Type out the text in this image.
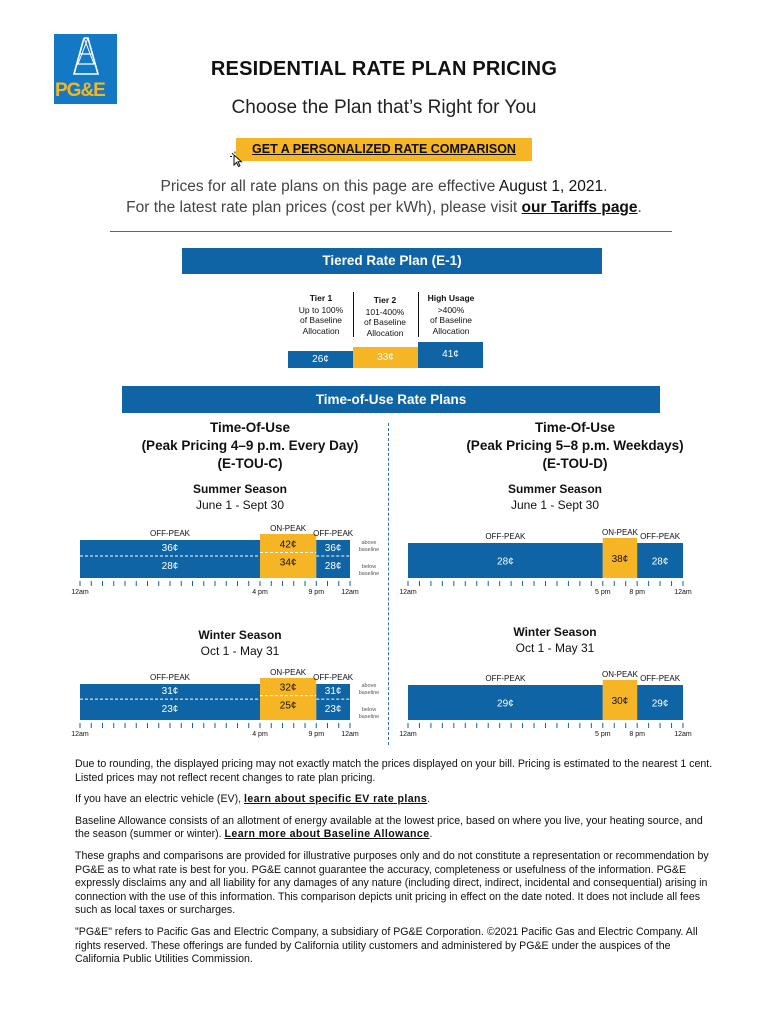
PG&E
RESIDENTIAL RATE PLAN PRICING
Choose the Plan that’s Right for You
GET A PERSONALIZED RATE COMPARISON
Prices for all rate plans on this page are effective August 1, 2021.
For the latest rate plan prices (cost per kWh), please visit our Tariffs page.
Tiered Rate Plan (E-1)
Tier 1
Up to 100%
of Baseline
Allocation
Tier 2
101-400%
of Baseline
Allocation
High Usage
>400%
of Baseline
Allocation
26¢	33¢	41¢
Time-of-Use Rate Plans
Time-Of-Use
(Peak Pricing 4–9 p.m. Every Day)
(E-TOU-C)
Time-Of-Use
(Peak Pricing 5–8 p.m. Weekdays)
(E-TOU-D)
Summer Season
June 1 - Sept 30
Summer Season
June 1 - Sept 30
Winter Season
Oct 1 - May 31
Winter Season
Oct 1 - May 31
OFF-PEAK
36¢
28¢
ON-PEAK
42¢
34¢
OFF-PEAK
36¢
28¢
12am	4 pm	9 pm 12am
above
baseline
below
baseline
OFF-PEAK
28¢
ON-PEAK
38¢
OFF-PEAK
28¢
12am	5 pm	8 pm	12am
OFF-PEAK
31¢
23¢
ON-PEAK
32¢
25¢
OFF-PEAK
31¢
23¢
12am	4 pm	9 pm 12am
above
baseline
below
baseline
OFF-PEAK
29¢
ON-PEAK
30¢
OFF-PEAK
29¢
12am	5 pm	8 pm	12am

Due to rounding, the displayed pricing may not exactly match the prices displayed on your bill. Pricing is estimated to the nearest 1 cent. Listed prices may not reflect recent changes to rate plan pricing.

If you have an electric vehicle (EV), learn about specific EV rate plans.

Baseline Allowance consists of an allotment of energy available at the lowest price, based on where you live, your heating source, and the season (summer or winter). Learn more about Baseline Allowance.

These graphs and comparisons are provided for illustrative purposes only and do not constitute a representation or recommendation by PG&E as to what rate is best for you. PG&E cannot guarantee the accuracy, completeness or usefulness of the information. PG&E expressly disclaims any and all liability for any damages of any nature (including direct, indirect, incidental and consequential) arising in connection with the use of this information. This comparison depicts unit pricing in effect on the date noted. It does not include all fees such as local taxes or surcharges.

"PG&E" refers to Pacific Gas and Electric Company, a subsidiary of PG&E Corporation. ©2021 Pacific Gas and Electric Company. All rights reserved. These offerings are funded by California utility customers and administered by PG&E under the auspices of the California Public Utilities Commission.
